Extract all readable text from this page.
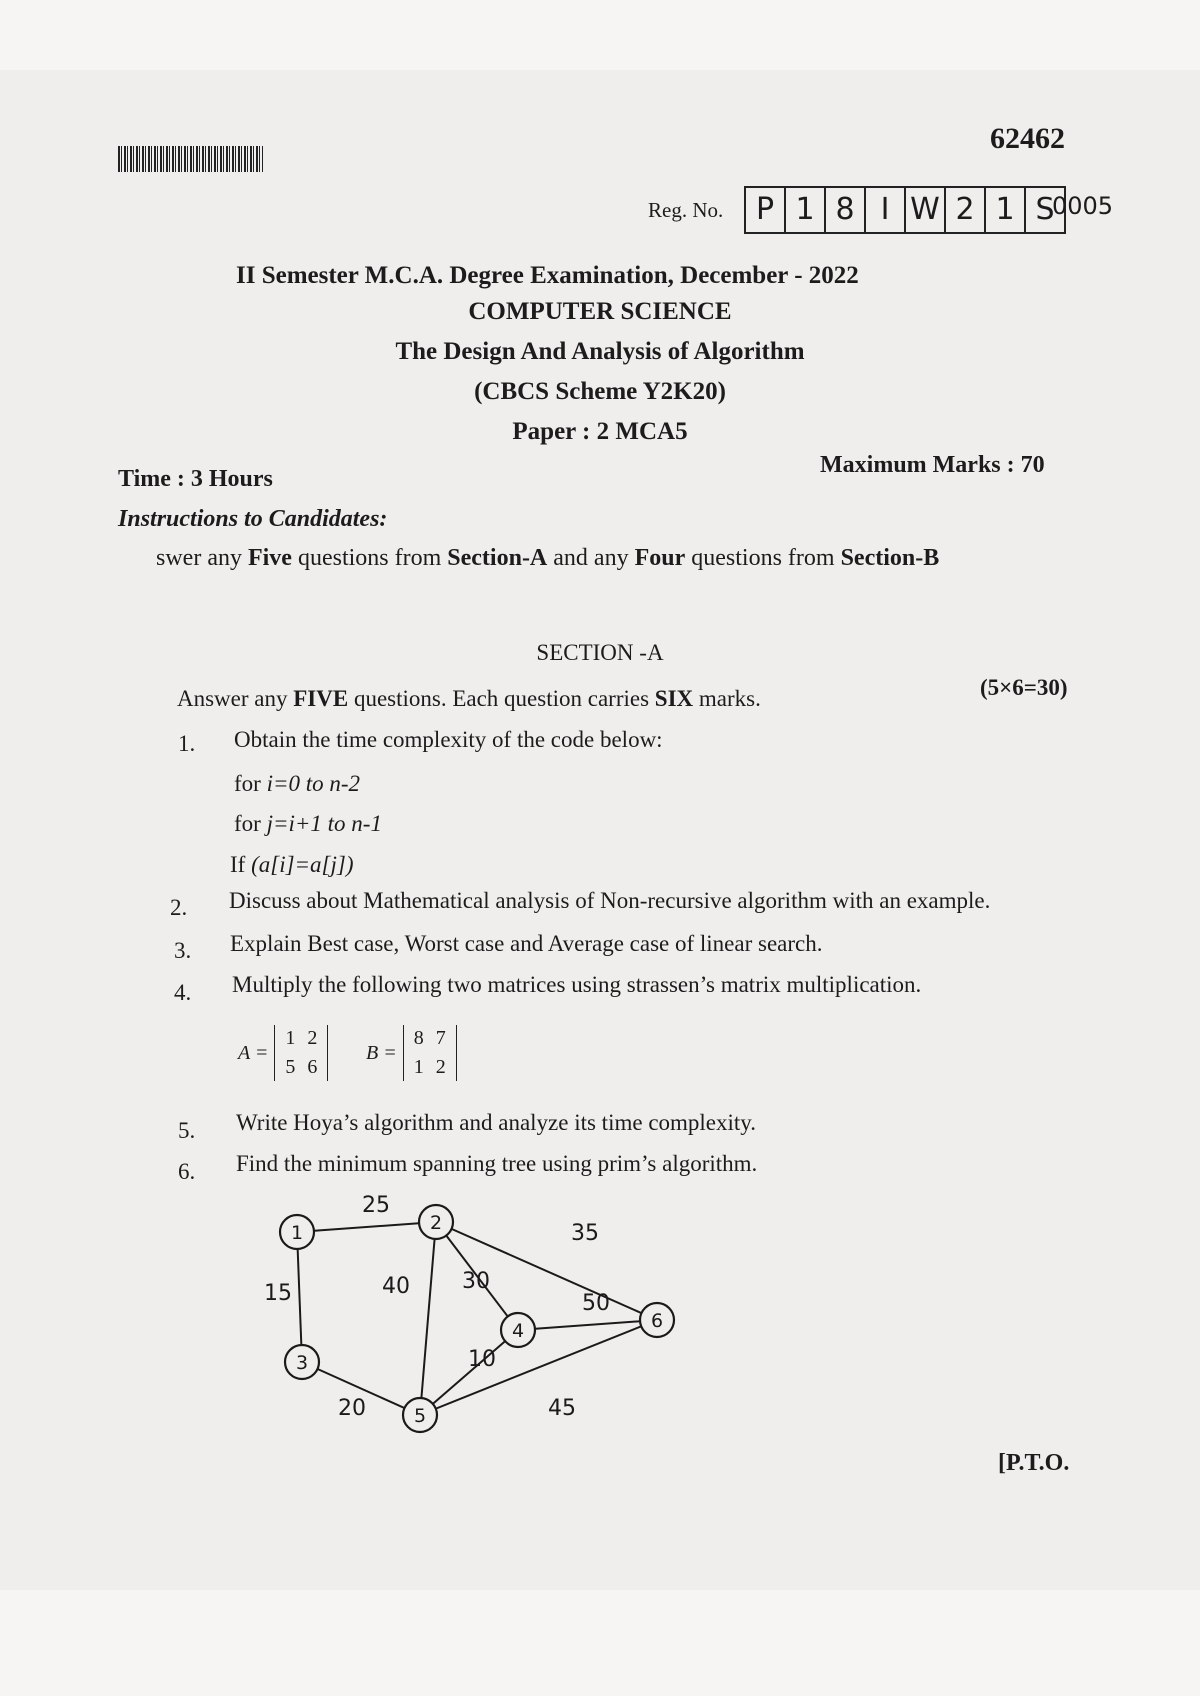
62462
Reg. No.	P 1 8 I W 2 1 S
0005
II Semester M.C.A. Degree Examination, December - 2022
COMPUTER SCIENCE
The Design And Analysis of Algorithm
(CBCS Scheme Y2K20)
Paper : 2 MCA5
Time : 3 Hours
Maximum Marks : 70
Instructions to Candidates:
swer any Five questions from Section-A and any Four questions from Section-B
SECTION -A
Answer any FIVE questions. Each question carries SIX marks.	(5×6=30)
1. Obtain the time complexity of the code below:
for i=0 to n-2
for j=i+1 to n-1
If (a[i]=a[j])
2. Discuss about Mathematical analysis of Non-recursive algorithm with an example.
3. Explain Best case, Worst case and Average case of linear search.
4. Multiply the following two matrices using strassen’s matrix multiplication.
A =
1 2
5 6
B =
8 7
1 2
5. Write Hoya’s algorithm and analyze its time complexity.
6. Find the minimum spanning tree using prim’s algorithm.
1	2
3
4
5
6
25
15	40 30
35
50
10
20	45
[P.T.O.
